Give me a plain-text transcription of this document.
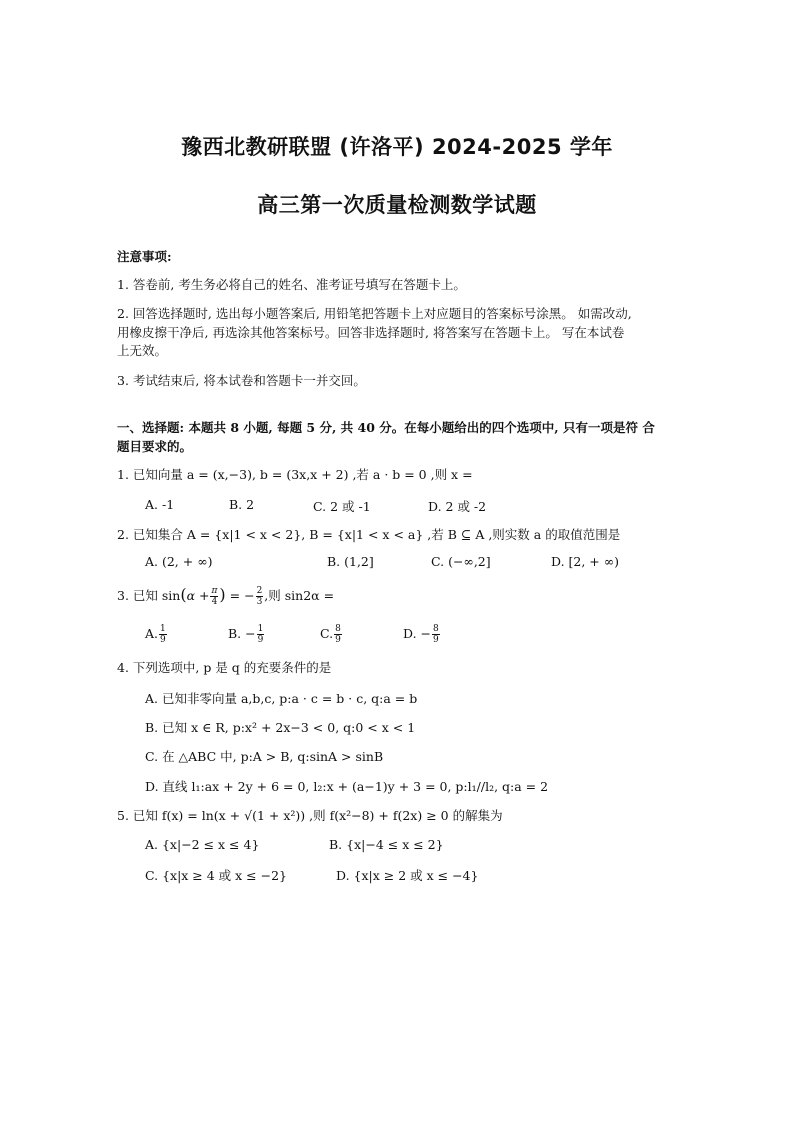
豫西北教研联盟 (许洛平) 2024-2025 学年
高三第一次质量检测数学试题
注意事项:
1. 答卷前, 考生务必将自己的姓名、准考证号填写在答题卡上。
2. 回答选择题时, 选出每小题答案后, 用铅笔把答题卡上对应题目的答案标号涂黑。 如需改动,
用橡皮擦干净后, 再选涂其他答案标号。回答非选择题时, 将答案写在答题卡上。 写在本试卷
上无效。
3. 考试结束后, 将本试卷和答题卡一并交回。
一、选择题: 本题共 8 小题, 每题 5 分, 共 40 分。在每小题给出的四个选项中, 只有一项是符 合
题目要求的。
1. 已知向量 a = (x,−3), b = (3x,x + 2) ,若 a · b = 0 ,则 x =
A. -1	B. 2	C. 2 或 -1	D. 2 或 -2
2. 已知集合 A = {x|1 < x < 2}, B = {x|1 < x < a} ,若 B ⊆ A ,则实数 a 的取值范围是
A. (2, + ∞)	B. (1,2]	C. (−∞,2]	D. [2, + ∞)
3. 已知 $\sin(\alpha + \frac{\pi}{4}$ ) = − $\frac{2}{3}$ ,则 sin2α =
A. $\frac{1}{9}$	B. − $\frac{1}{9}$	C. $\frac{8}{9}$	D. − $\frac{8}{9}$
4. 下列选项中, p 是 q 的充要条件的是
A. 已知非零向量 a,b,c, p:a · c = b · c, q:a = b
B. 已知 x ∈ R, p:x² + 2x−3 < 0, q:0 < x < 1
C. 在 △ABC 中, p:A > B, q:sinA > sinB
D. 直线 l₁:ax + 2y + 6 = 0, l₂:x + (a−1)y + 3 = 0, p:l₁//l₂, q:a = 2
5. 已知 f(x) = ln(x + √(1 + x²)) ,则 f(x²−8) + f(2x) ≥ 0 的解集为
A. {x|−2 ≤ x ≤ 4}	B. {x|−4 ≤ x ≤ 2}
C. {x|x ≥ 4 或 x ≤ −2}	D. {x|x ≥ 2 或 x ≤ −4}
